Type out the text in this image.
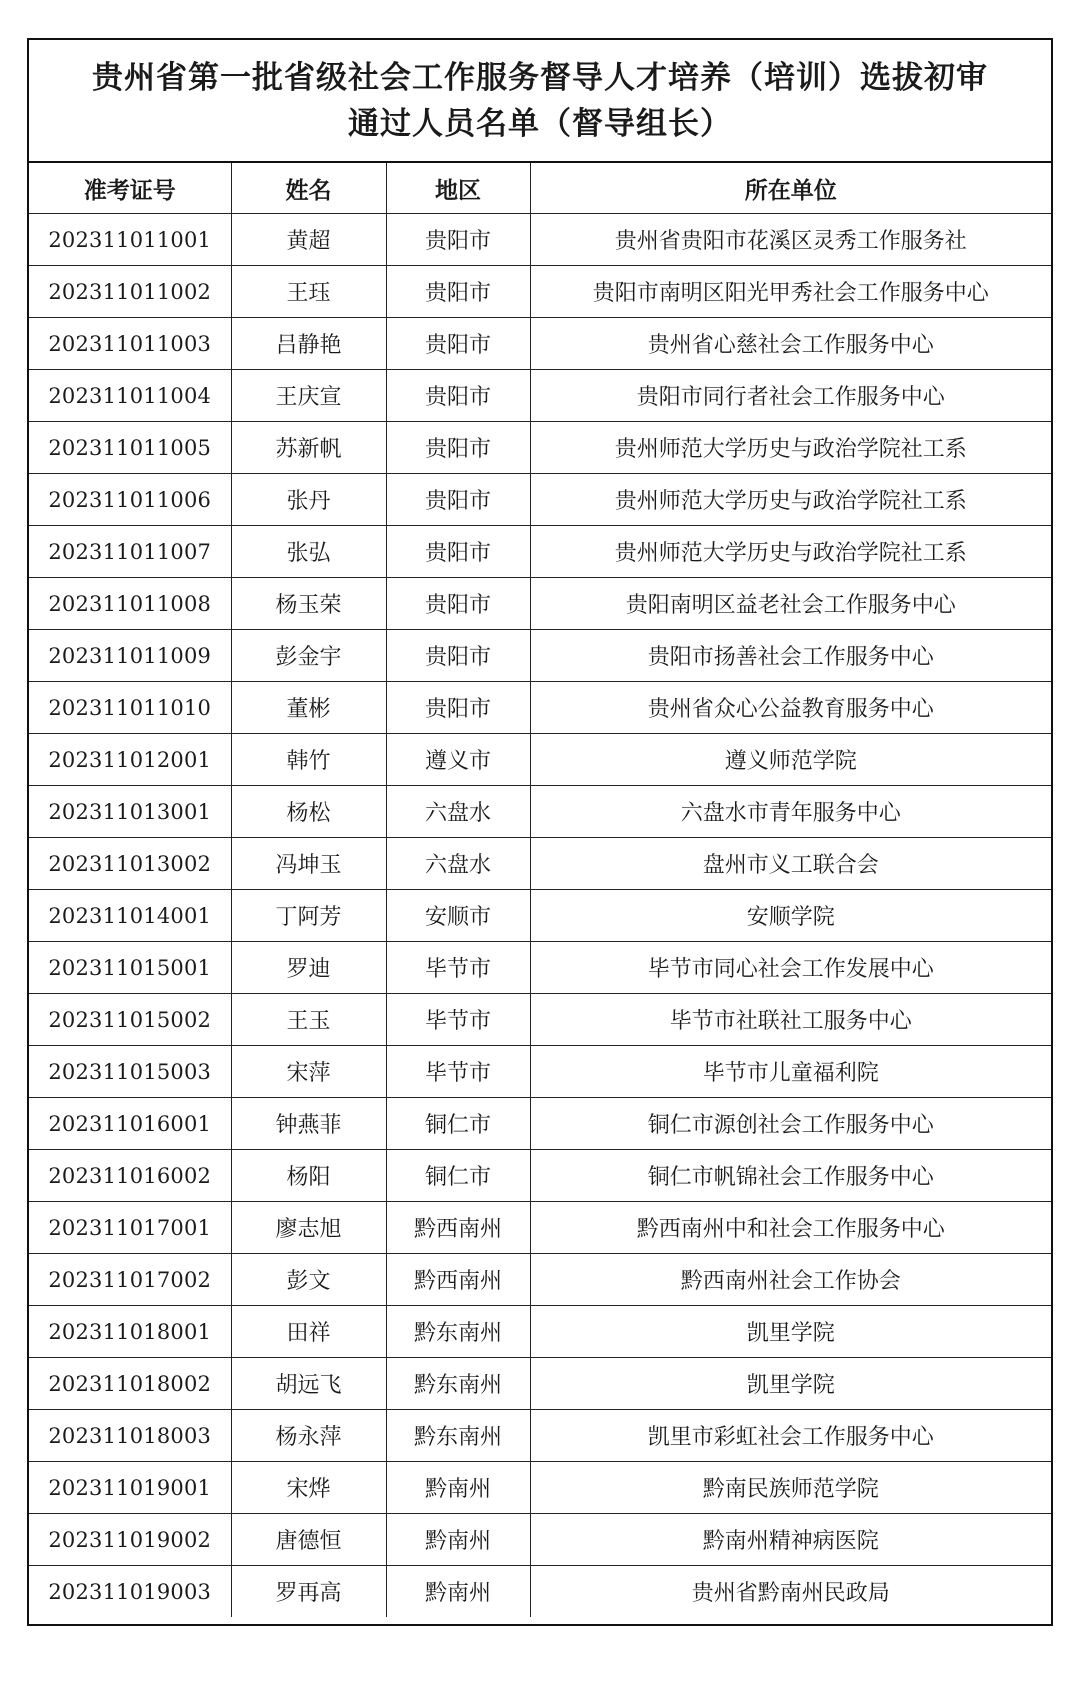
贵州省第一批省级社会工作服务督导人才培养（培训）选拔初审
通过人员名单（督导组长）
准考证号	姓名	地区	所在单位
202311011001	黄超	贵阳市	贵州省贵阳市花溪区灵秀工作服务社
202311011002	王珏	贵阳市	贵阳市南明区阳光甲秀社会工作服务中心
202311011003	吕静艳	贵阳市	贵州省心慈社会工作服务中心
202311011004	王庆宣	贵阳市	贵阳市同行者社会工作服务中心
202311011005	苏新帆	贵阳市	贵州师范大学历史与政治学院社工系
202311011006	张丹	贵阳市	贵州师范大学历史与政治学院社工系
202311011007	张弘	贵阳市	贵州师范大学历史与政治学院社工系
202311011008	杨玉荣	贵阳市	贵阳南明区益老社会工作服务中心
202311011009	彭金宇	贵阳市	贵阳市扬善社会工作服务中心
202311011010	董彬	贵阳市	贵州省众心公益教育服务中心
202311012001	韩竹	遵义市	遵义师范学院
202311013001	杨松	六盘水	六盘水市青年服务中心
202311013002	冯坤玉	六盘水	盘州市义工联合会
202311014001	丁阿芳	安顺市	安顺学院
202311015001	罗迪	毕节市	毕节市同心社会工作发展中心
202311015002	王玉	毕节市	毕节市社联社工服务中心
202311015003	宋萍	毕节市	毕节市儿童福利院
202311016001	钟燕菲	铜仁市	铜仁市源创社会工作服务中心
202311016002	杨阳	铜仁市	铜仁市帆锦社会工作服务中心
202311017001	廖志旭	黔西南州	黔西南州中和社会工作服务中心
202311017002	彭文	黔西南州	黔西南州社会工作协会
202311018001	田祥	黔东南州	凯里学院
202311018002	胡远飞	黔东南州	凯里学院
202311018003	杨永萍	黔东南州	凯里市彩虹社会工作服务中心
202311019001	宋烨	黔南州	黔南民族师范学院
202311019002	唐德恒	黔南州	黔南州精神病医院
202311019003	罗再高	黔南州	贵州省黔南州民政局
